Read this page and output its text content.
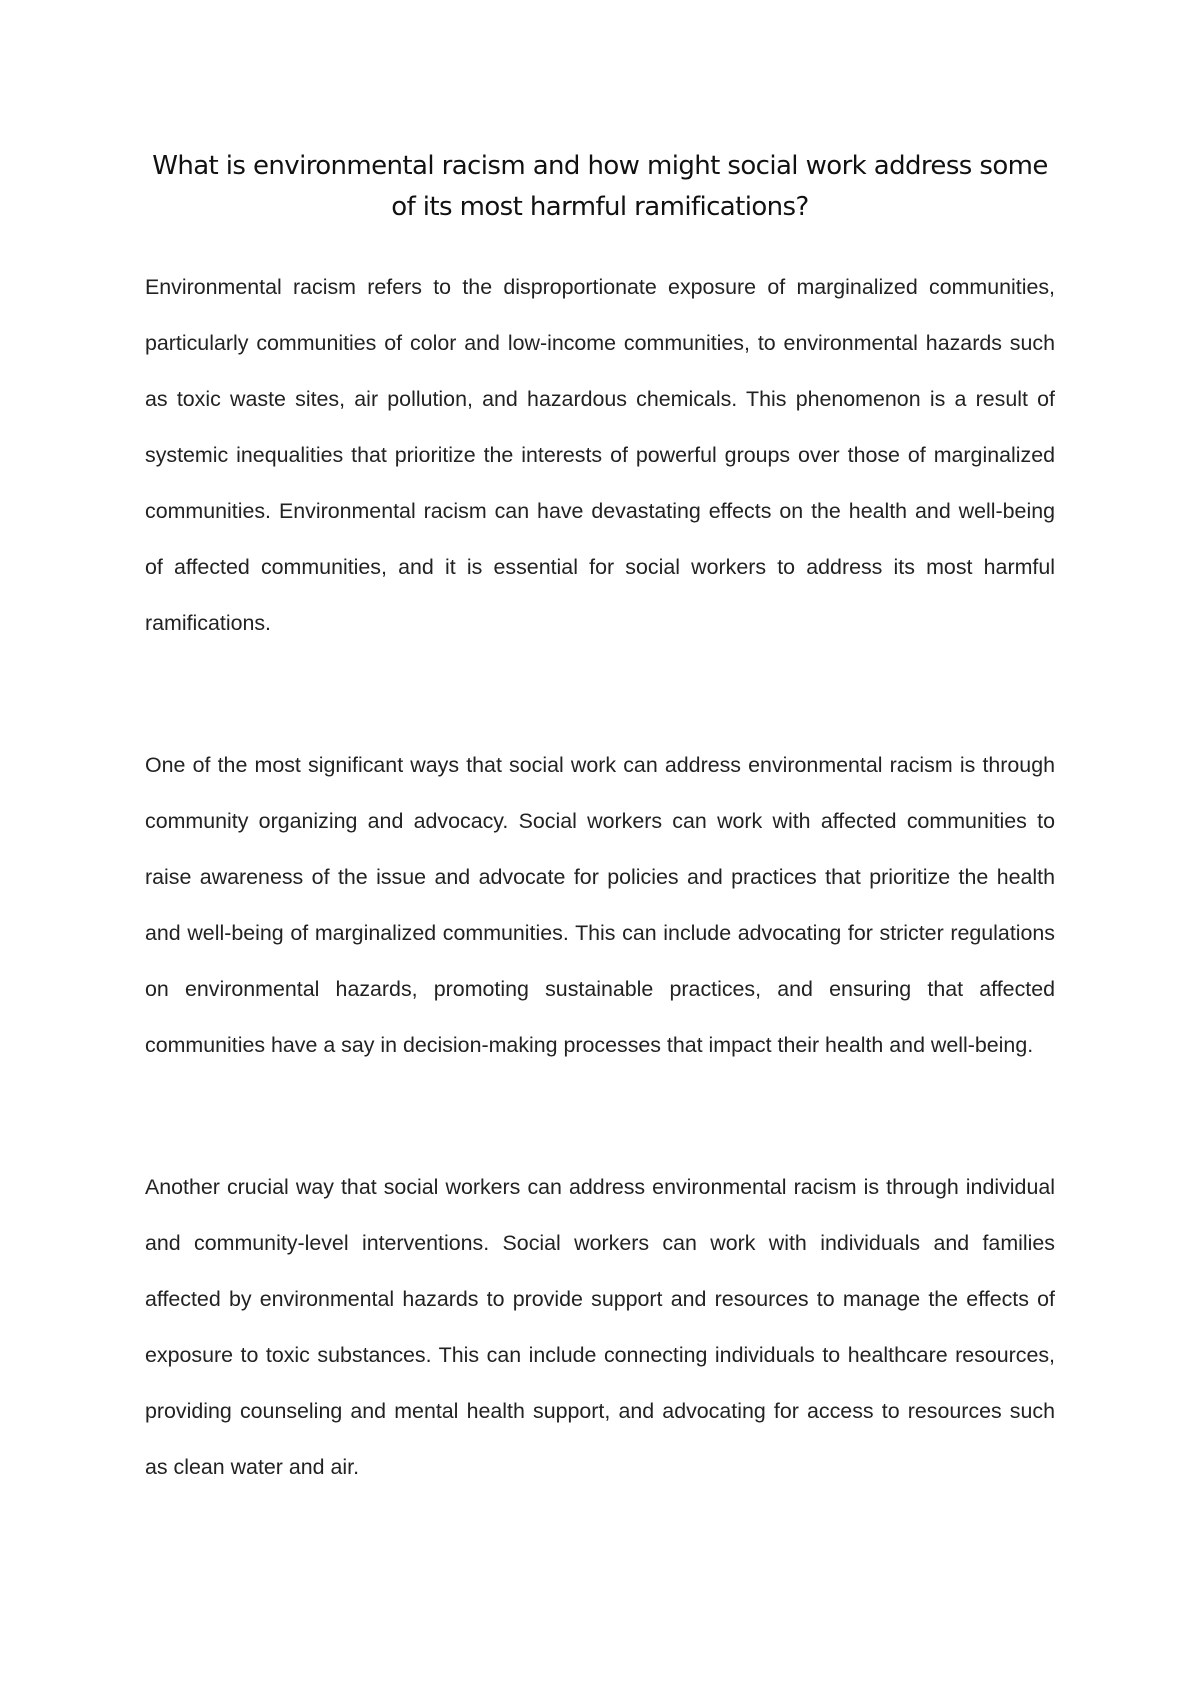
What is environmental racism and how might social work address some of its most harmful ramifications?

Environmental racism refers to the disproportionate exposure of marginalized communities, particularly communities of color and low-income communities, to environmental hazards such as toxic waste sites, air pollution, and hazardous chemicals. This phenomenon is a result of systemic inequalities that prioritize the interests of powerful groups over those of marginalized communities. Environmental racism can have devastating effects on the health and well-being of affected communities, and it is essential for social workers to address its most harmful ramifications.

One of the most significant ways that social work can address environmental racism is through community organizing and advocacy. Social workers can work with affected communities to raise awareness of the issue and advocate for policies and practices that prioritize the health and well-being of marginalized communities. This can include advocating for stricter regulations on environmental hazards, promoting sustainable practices, and ensuring that affected communities have a say in decision-making processes that impact their health and well-being.

Another crucial way that social workers can address environmental racism is through individual and community-level interventions. Social workers can work with individuals and families affected by environmental hazards to provide support and resources to manage the effects of exposure to toxic substances. This can include connecting individuals to healthcare resources, providing counseling and mental health support, and advocating for access to resources such as clean water and air.
